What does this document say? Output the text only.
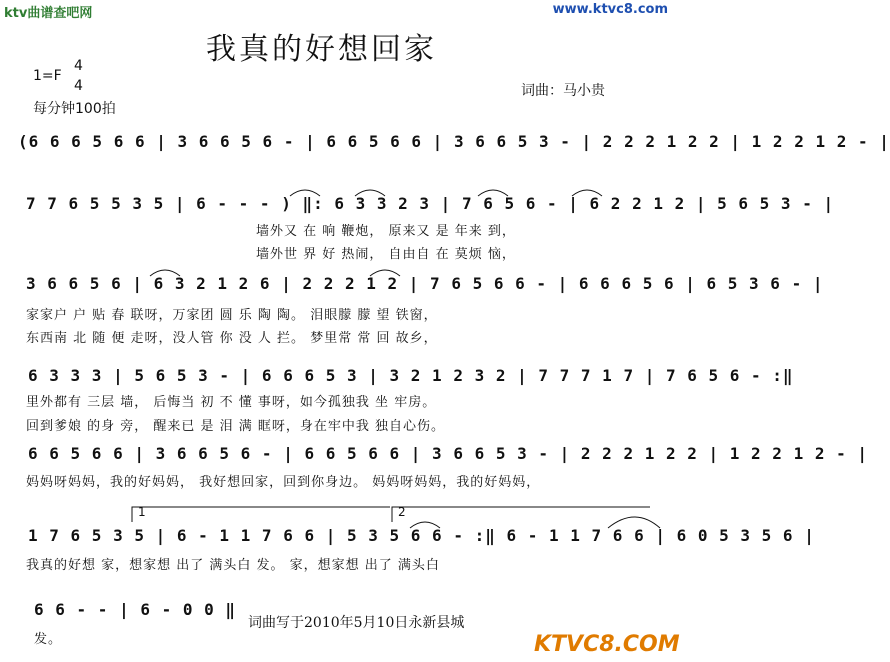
ktv曲谱查吧网	www.ktvc8.com
我真的好想回家
1=F
4
4
每分钟100拍
词曲：马小贵
(6 6 6 5 6 6 | 3 6 6 5 6 - | 6 6 5 6 6 | 3 6 6 5 3 - | 2 2 2 1 2 2 | 1 2 2 1 2 - |
7 7 6 5 5 3 5 | 6 - - - ) ‖: 6 3 3 2 3 | 7 6 5 6 - | 6 2 2 1 2 | 5 6 5 3 - |
墙外又 在 响 鞭炮， 原来又 是 年来 到，
墙外世 界 好 热闹， 自由自 在 莫烦 恼，
3 6 6 5 6 | 6 3 2 1 2 6 | 2 2 2 1 2 | 7 6 5 6 6 - | 6 6 6 5 6 | 6 5 3 6 - |
家家户 户 贴 春 联呀，万家团 圆 乐 陶 陶。 泪眼朦 朦 望 铁窗，
东西南 北 随 便 走呀，没人管 你 没 人 拦。 梦里常 常 回 故乡，
6 3 3 3 | 5 6 5 3 - | 6 6 6 5 3 | 3 2 1 2 3 2 | 7 7 7 1 7 | 7 6 5 6 - :‖
里外都有 三层 墙， 后悔当 初 不 懂 事呀，如今孤独我 坐 牢房。
回到爹娘 的身 旁， 醒来已 是 泪 满 眶呀，身在牢中我 独自心伤。
6 6 5 6 6 | 3 6 6 5 6 - | 6 6 5 6 6 | 3 6 6 5 3 - | 2 2 2 1 2 2 | 1 2 2 1 2 - |
妈妈呀妈妈，我的好妈妈， 我好想回家，回到你身边。 妈妈呀妈妈，我的好妈妈，
1	2
1 7 6 5 3 5 | 6 - 1 1 7 6 6 | 5 3 5 6 6 - :‖ 6 - 1 1 7 6 6 | 6 0 5 3 5 6 |
我真的好想 家，想家想 出了 满头白 发。 家，想家想 出了 满头白
6 6 - - | 6 - 0 0 ‖
发。
词曲写于2010年5月10日永新县城
KTVC8.COM
